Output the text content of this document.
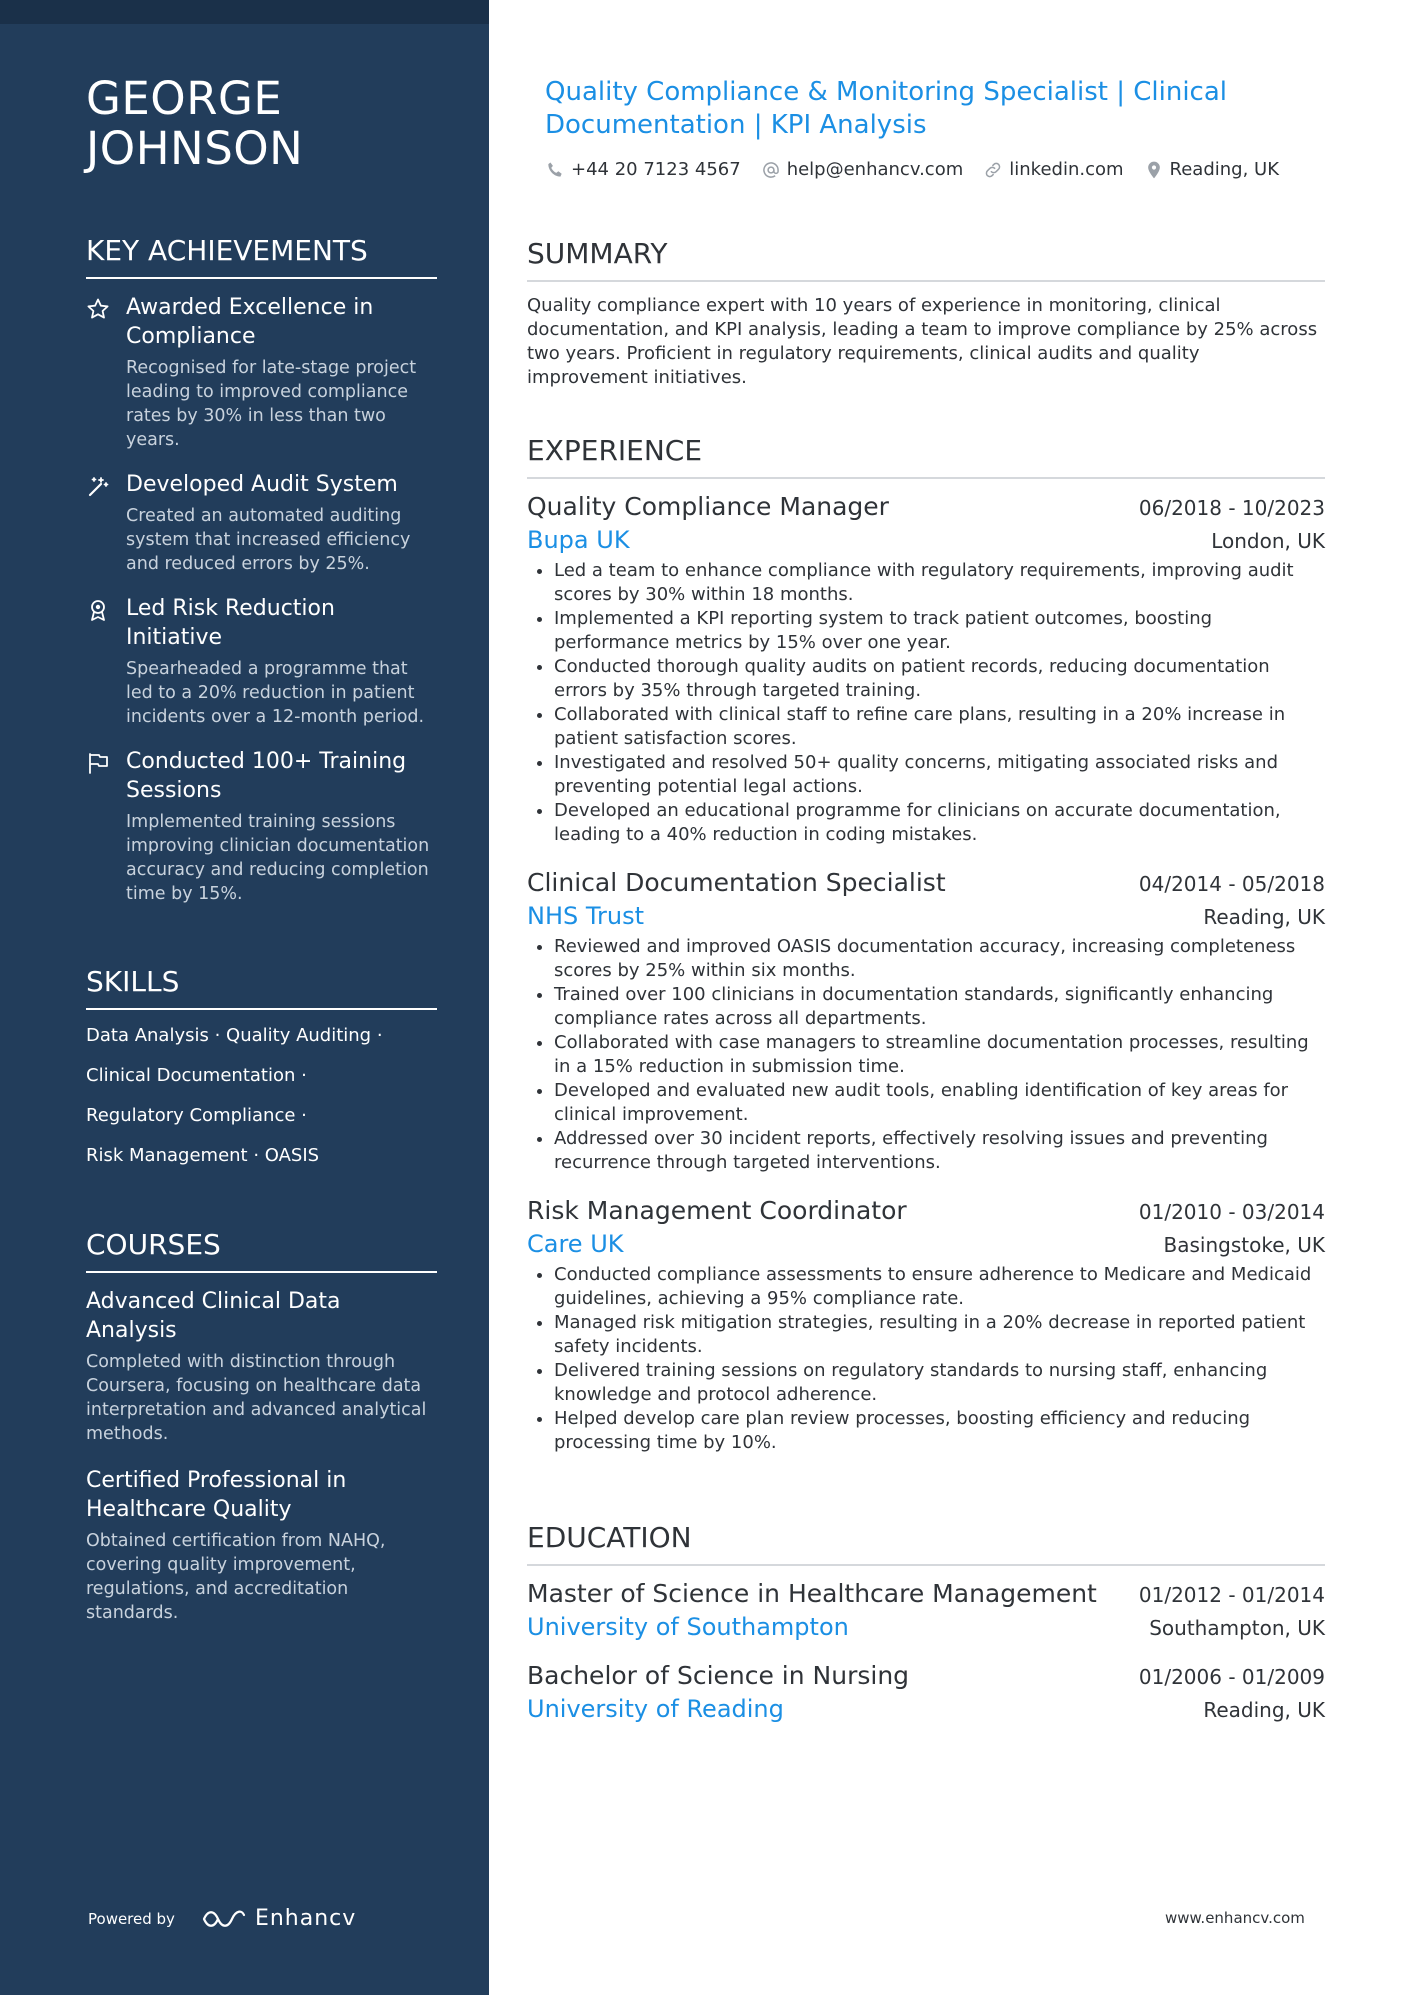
GEORGE JOHNSON
KEY ACHIEVEMENTS
Awarded Excellence in Compliance
Recognised for late-stage project leading to improved compliance rates by 30% in less than two years.
Developed Audit System
Created an automated auditing system that increased efficiency and reduced errors by 25%.
Led Risk Reduction Initiative
Spearheaded a programme that led to a 20% reduction in patient incidents over a 12-month period.
Conducted 100+ Training Sessions
Implemented training sessions improving clinician documentation accuracy and reducing completion time by 15%.
SKILLS
Data Analysis · Quality Auditing ·
Clinical Documentation ·
Regulatory Compliance ·
Risk Management · OASIS
COURSES
Advanced Clinical Data Analysis
Completed with distinction through Coursera, focusing on healthcare data interpretation and advanced analytical methods.
Certified Professional in Healthcare Quality
Obtained certification from NAHQ, covering quality improvement, regulations, and accreditation standards.
Powered by	Enhancv
Quality Compliance & Monitoring Specialist | Clinical Documentation | KPI Analysis
+44 20 7123 4567	help@enhancv.com	linkedin.com	Reading, UK
SUMMARY
Quality compliance expert with 10 years of experience in monitoring, clinical documentation, and KPI analysis, leading a team to improve compliance by 25% across two years. Proficient in regulatory requirements, clinical audits and quality improvement initiatives.
EXPERIENCE
Quality Compliance Manager	06/2018 - 10/2023
Bupa UK	London, UK
• Led a team to enhance compliance with regulatory requirements, improving audit scores by 30% within 18 months.
• Implemented a KPI reporting system to track patient outcomes, boosting performance metrics by 15% over one year.
• Conducted thorough quality audits on patient records, reducing documentation errors by 35% through targeted training.
• Collaborated with clinical staff to refine care plans, resulting in a 20% increase in patient satisfaction scores.
• Investigated and resolved 50+ quality concerns, mitigating associated risks and preventing potential legal actions.
• Developed an educational programme for clinicians on accurate documentation, leading to a 40% reduction in coding mistakes.
Clinical Documentation Specialist	04/2014 - 05/2018
NHS Trust	Reading, UK
• Reviewed and improved OASIS documentation accuracy, increasing completeness scores by 25% within six months.
• Trained over 100 clinicians in documentation standards, significantly enhancing compliance rates across all departments.
• Collaborated with case managers to streamline documentation processes, resulting in a 15% reduction in submission time.
• Developed and evaluated new audit tools, enabling identification of key areas for clinical improvement.
• Addressed over 30 incident reports, effectively resolving issues and preventing recurrence through targeted interventions.
Risk Management Coordinator	01/2010 - 03/2014
Care UK	Basingstoke, UK
• Conducted compliance assessments to ensure adherence to Medicare and Medicaid guidelines, achieving a 95% compliance rate.
• Managed risk mitigation strategies, resulting in a 20% decrease in reported patient safety incidents.
• Delivered training sessions on regulatory standards to nursing staff, enhancing knowledge and protocol adherence.
• Helped develop care plan review processes, boosting efficiency and reducing processing time by 10%.
EDUCATION
Master of Science in Healthcare Management 01/2012 - 01/2014
University of Southampton	Southampton, UK
Bachelor of Science in Nursing	01/2006 - 01/2009
University of Reading	Reading, UK
www.enhancv.com
